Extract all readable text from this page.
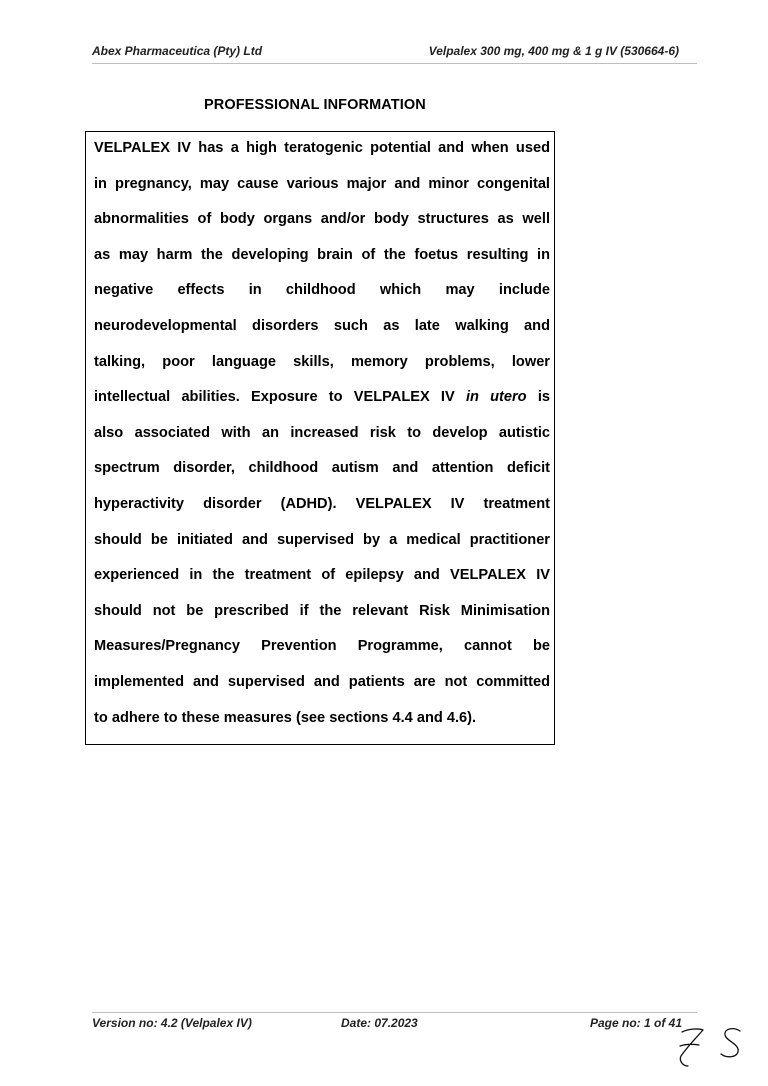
Abex Pharmaceutica (Pty) Ltd	Velpalex 300 mg, 400 mg & 1 g IV (530664-6)
PROFESSIONAL INFORMATION
VELPALEX IV has a high teratogenic potential and when used
in pregnancy, may cause various major and minor congenital
abnormalities of body organs and/or body structures as well
as may harm the developing brain of the foetus resulting in
negative effects in childhood which may include
neurodevelopmental disorders such as late walking and
talking, poor language skills, memory problems, lower
intellectual abilities. Exposure to VELPALEX IV in utero is
also associated with an increased risk to develop autistic
spectrum disorder, childhood autism and attention deficit
hyperactivity disorder (ADHD). VELPALEX IV treatment
should be initiated and supervised by a medical practitioner
experienced in the treatment of epilepsy and VELPALEX IV
should not be prescribed if the relevant Risk Minimisation
Measures/Pregnancy Prevention Programme, cannot be
implemented and supervised and patients are not committed
to adhere to these measures (see sections 4.4 and 4.6).
Version no: 4.2 (Velpalex IV)	Date: 07.2023	Page no: 1 of 41
